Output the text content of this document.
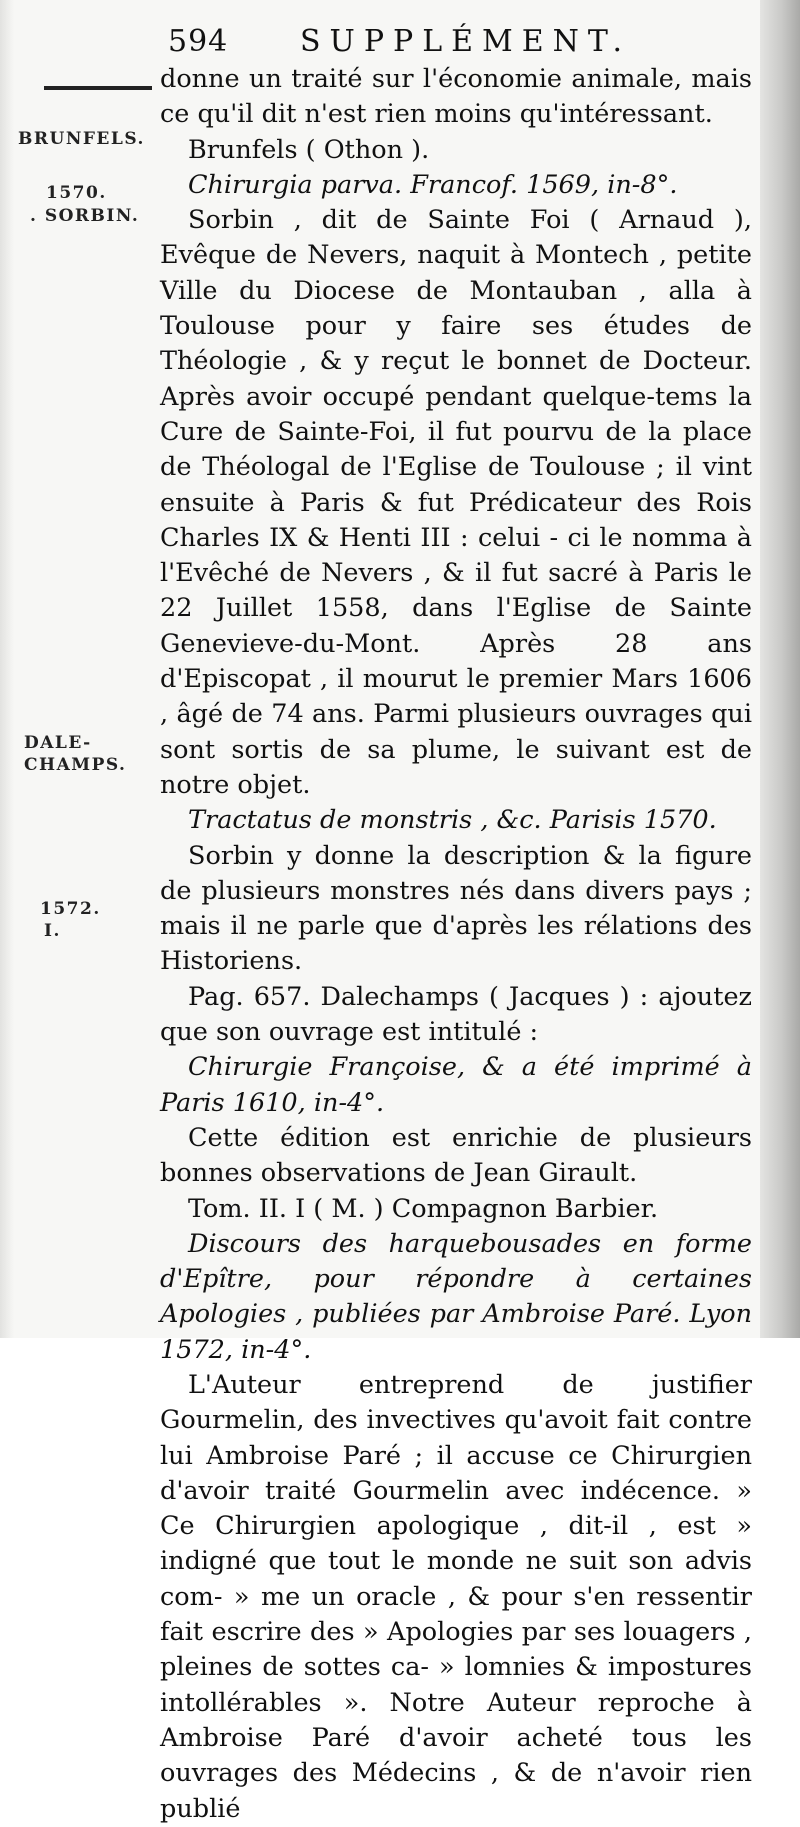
594 SUPPLÉMENT.
BRUNFELS.
1570.
. SORBIN.
DALE-
CHAMPS.
1572.
I.

donne un traité sur l'économie animale, mais ce qu'il dit n'est rien moins qu'intéressant.

Brunfels ( Othon ).

Chirurgia parva. Francof. 1569, in-8°.

Sorbin , dit de Sainte Foi ( Arnaud ), Evêque de Nevers, naquit à Montech , petite Ville du Diocese de Montauban , alla à Toulouse pour y faire ses études de Théologie , & y reçut le bonnet de Docteur. Après avoir occupé pendant quelque-tems la Cure de Sainte-Foi, il fut pourvu de la place de Théologal de l'Eglise de Toulouse ; il vint ensuite à Paris & fut Prédicateur des Rois Charles IX & Henti III : celui - ci le nomma à l'Evêché de Nevers , & il fut sacré à Paris le 22 Juillet 1558, dans l'Eglise de Sainte Genevieve-du-Mont. Après 28 ans d'Episcopat , il mourut le premier Mars 1606 , âgé de 74 ans. Parmi plusieurs ouvrages qui sont sortis de sa plume, le suivant est de notre objet.

Tractatus de monstris , &c. Parisis 1570.

Sorbin y donne la description & la figure de plusieurs monstres nés dans divers pays ; mais il ne parle que d'après les rélations des Historiens.

Pag. 657. Dalechamps ( Jacques ) : ajoutez que son ouvrage est intitulé :

Chirurgie Françoise, & a été imprimé à Paris 1610, in-4°.

Cette édition est enrichie de plusieurs bonnes observations de Jean Girault.

Tom. II. I ( M. ) Compagnon Barbier.

Discours des harquebousades en forme d'Epître, pour répondre à certaines Apologies , publiées par Ambroise Paré. Lyon 1572, in-4°.

L'Auteur entreprend de justifier Gourmelin, des invectives qu'avoit fait contre lui Ambroise Paré ; il accuse ce Chirurgien d'avoir traité Gourmelin avec indécence. » Ce Chirurgien apologique , dit-il , est » indigné que tout le monde ne suit son advis com- » me un oracle , & pour s'en ressentir fait escrire des » Apologies par ses louagers , pleines de sottes ca- » lomnies & impostures intollérables ». Notre Auteur reproche à Ambroise Paré d'avoir acheté tous les ouvrages des Médecins , & de n'avoir rien publié
